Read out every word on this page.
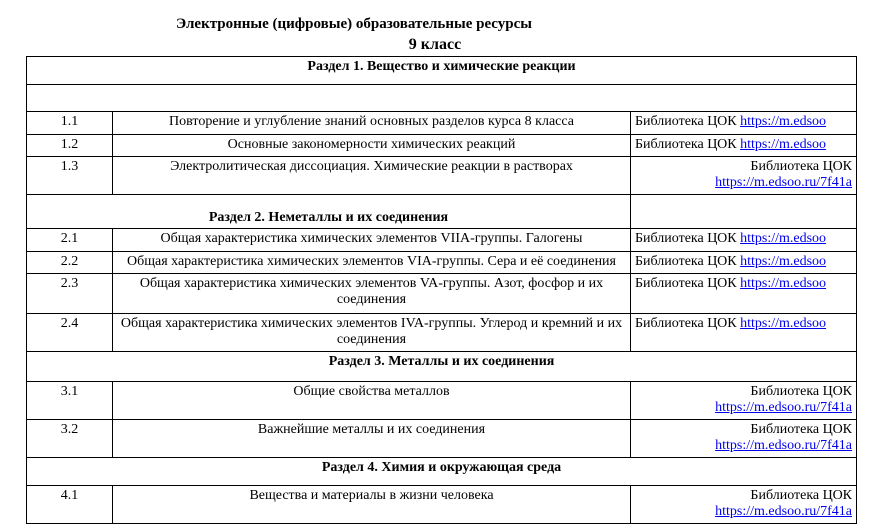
Электронные (цифровые) образовательные ресурсы
9 класс
Раздел 1. Вещество и химические реакции		

1.1	Повторение и углубление знаний основных разделов курса 8 класса	Библиотека ЦОК https://m.edsoo
1.2	Основные закономерности химических реакций	Библиотека ЦОК https://m.edsoo
1.3	Электролитическая диссоциация. Химические реакции в растворах	Библиотека ЦОК
https://m.edsoo.ru/7f41a
Раздел 2. Неметаллы и их соединения		
2.1	Общая характеристика химических элементов VIIA-группы. Галогены	Библиотека ЦОК https://m.edsoo
2.2	Общая характеристика химических элементов VIA-группы. Сера и её соединения	Библиотека ЦОК https://m.edsoo
2.3	Общая характеристика химических элементов VA-группы. Азот, фосфор и их соединения	Библиотека ЦОК https://m.edsoo
2.4	Общая характеристика химических элементов IVA-группы. Углерод и кремний и их соединения	Библиотека ЦОК https://m.edsoo
Раздел 3. Металлы и их соединения		
3.1	Общие свойства металлов	Библиотека ЦОК
https://m.edsoo.ru/7f41a
3.2	Важнейшие металлы и их соединения	Библиотека ЦОК
https://m.edsoo.ru/7f41a
Раздел 4. Химия и окружающая среда		
4.1	Вещества и материалы в жизни человека	Библиотека ЦОК
https://m.edsoo.ru/7f41a
